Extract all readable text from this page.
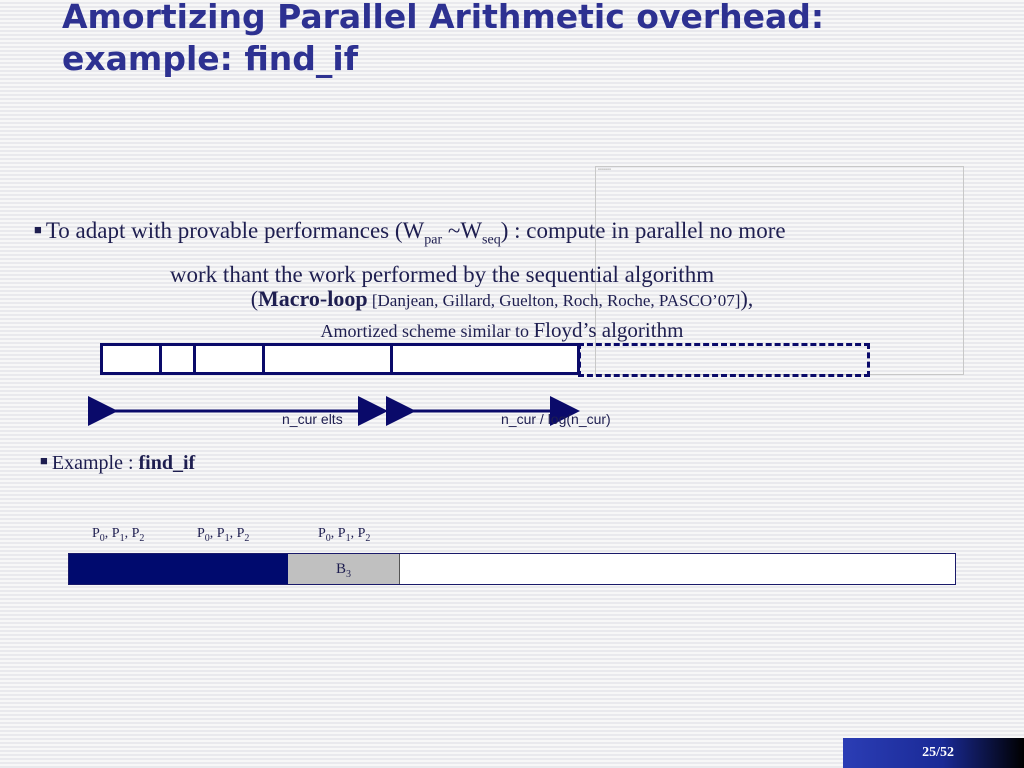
Amortizing Parallel Arithmetic overhead: example: find_if
▪▪▪▪▪▪▪▪▪▪▪▪
■ To adapt with provable performances ($W_{par}$ $\sim W_{seq}$) : compute in parallel no more
work thant the work performed by the sequential algorithm
(Macro-loop [Danjean, Gillard, Guelton, Roch, Roche, PASCO’07]),
Amortized scheme similar to Floyd’s algorithm
n_cur elts	n_cur / log(n_cur)
■ Example : find_if
$P_0$, $P_1$, $P_2$	$P_0$, $P_1$, $P_2$	$P_0$, $P_1$, $P_2$
$B_3$
25/52
